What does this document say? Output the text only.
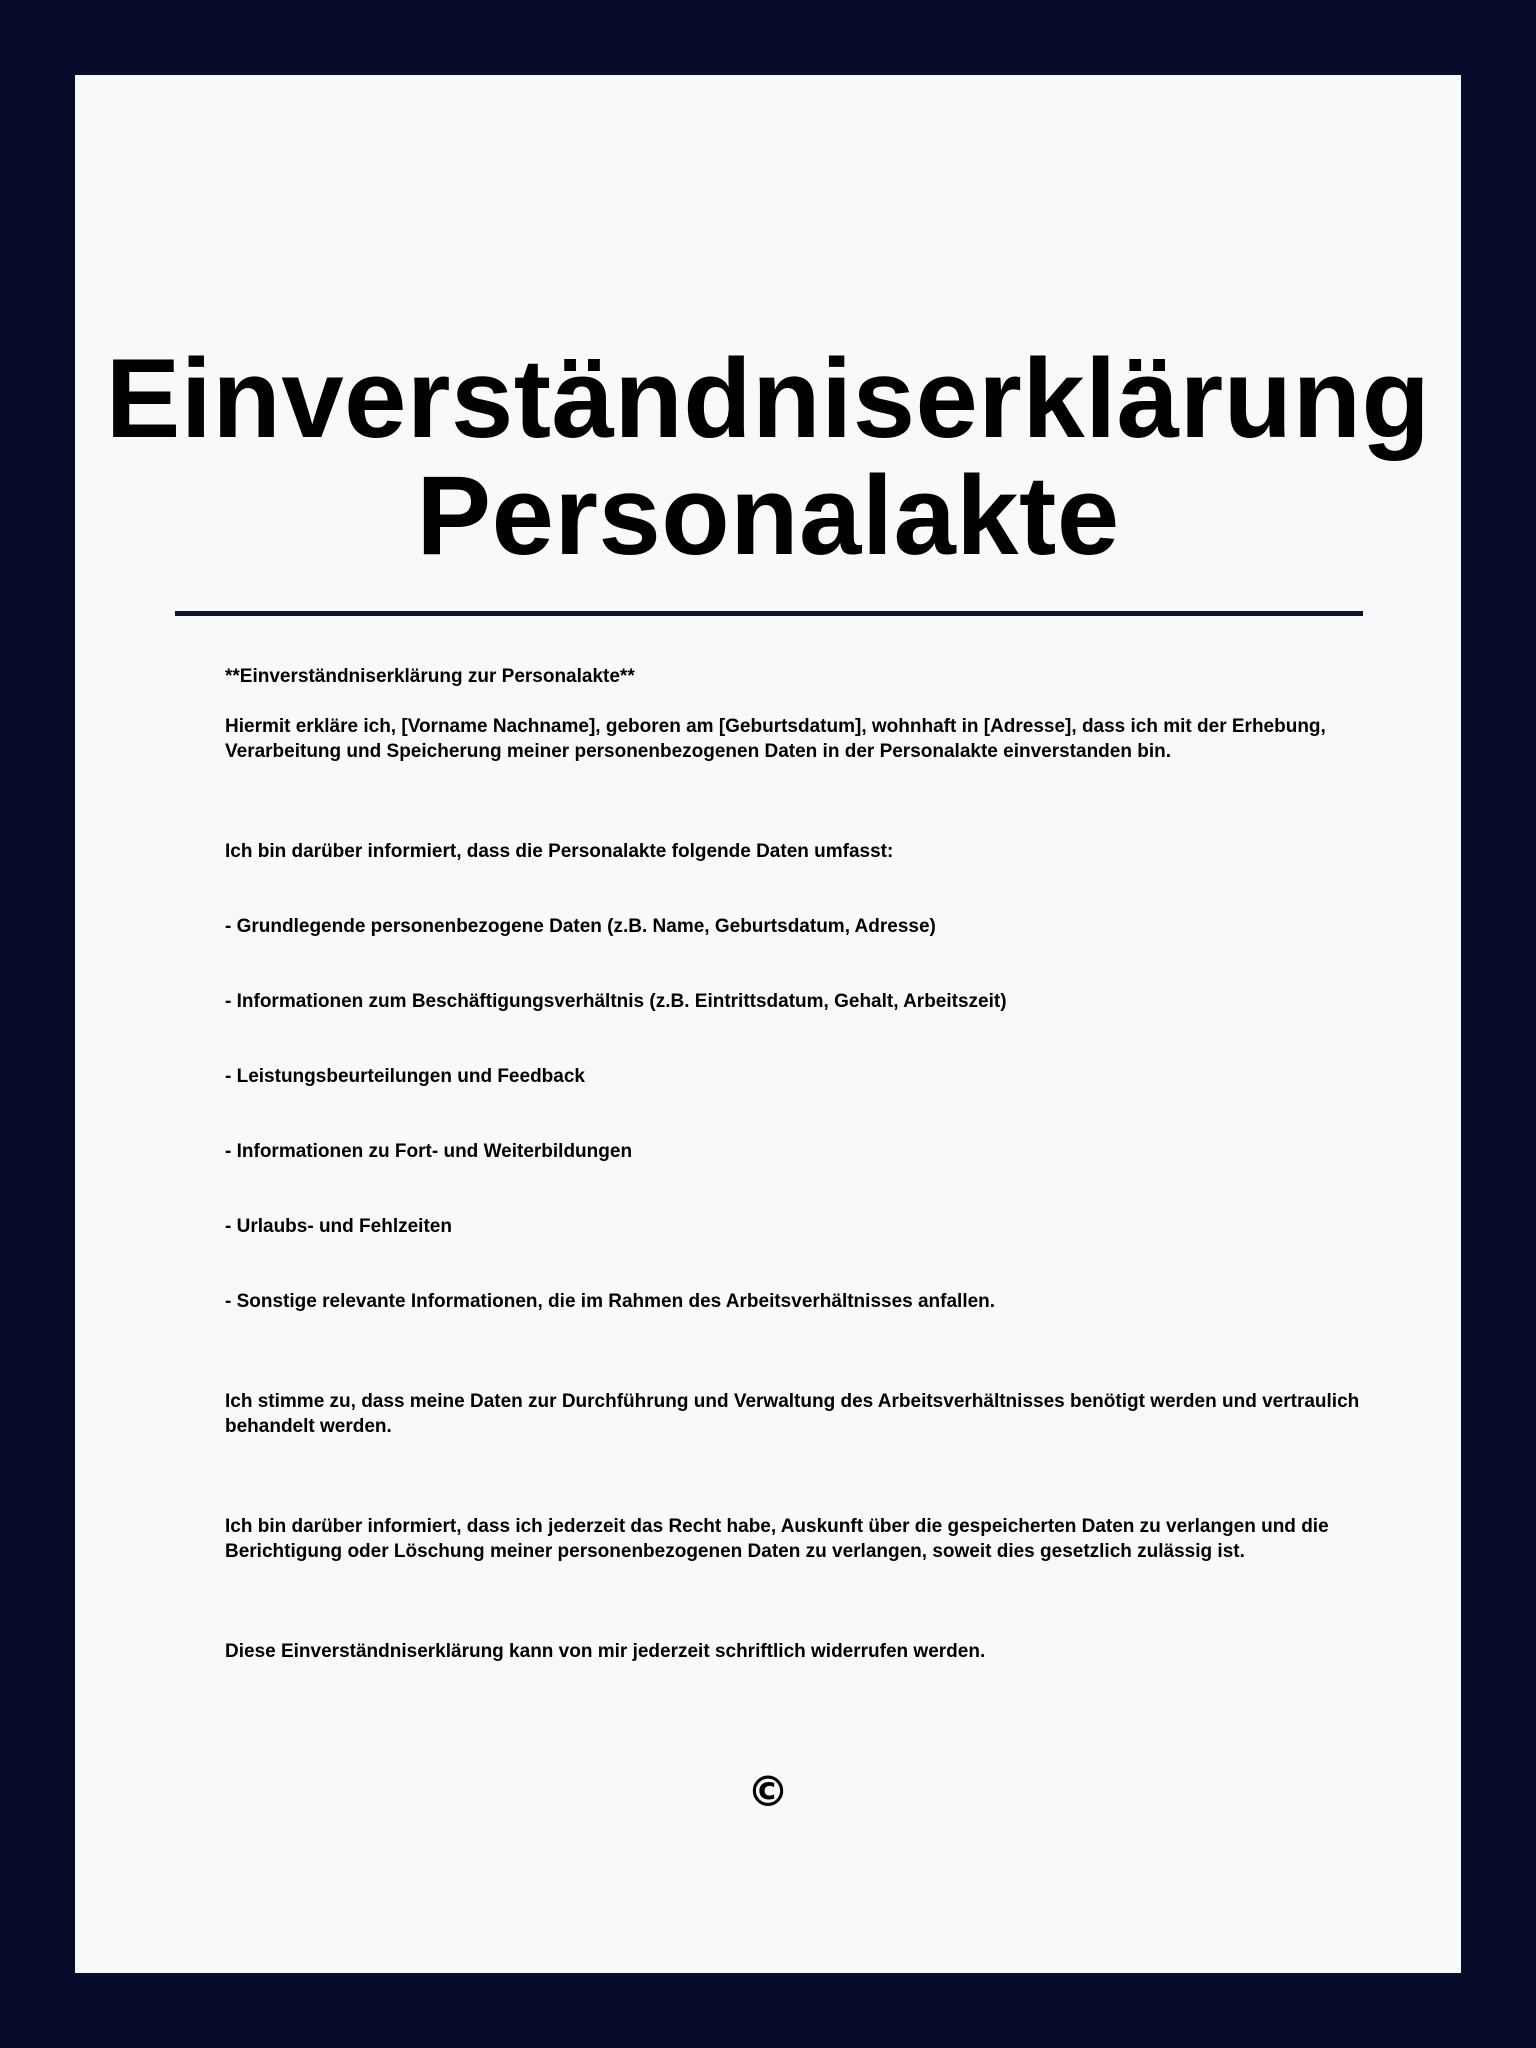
Einverständniserklärung
Personalakte

**Einverständniserklärung zur Personalakte**

Hiermit erkläre ich, [Vorname Nachname], geboren am [Geburtsdatum], wohnhaft in [Adresse], dass ich mit der Erhebung, Verarbeitung und Speicherung meiner personenbezogenen Daten in der Personalakte einverstanden bin.

Ich bin darüber informiert, dass die Personalakte folgende Daten umfasst:

- Grundlegende personenbezogene Daten (z.B. Name, Geburtsdatum, Adresse)

- Informationen zum Beschäftigungsverhältnis (z.B. Eintrittsdatum, Gehalt, Arbeitszeit)

- Leistungsbeurteilungen und Feedback

- Informationen zu Fort- und Weiterbildungen

- Urlaubs- und Fehlzeiten

- Sonstige relevante Informationen, die im Rahmen des Arbeitsverhältnisses anfallen.

Ich stimme zu, dass meine Daten zur Durchführung und Verwaltung des Arbeitsverhältnisses benötigt werden und vertraulich behandelt werden.

Ich bin darüber informiert, dass ich jederzeit das Recht habe, Auskunft über die gespeicherten Daten zu verlangen und die Berichtigung oder Löschung meiner personenbezogenen Daten zu verlangen, soweit dies gesetzlich zulässig ist.

Diese Einverständniserklärung kann von mir jederzeit schriftlich widerrufen werden.

©
